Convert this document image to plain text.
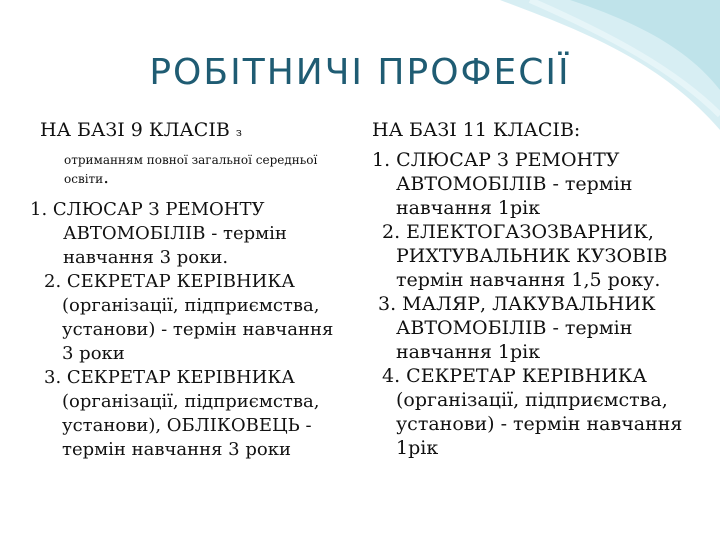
РОБІТНИЧІ ПРОФЕСІЇ

НА БАЗІ 9 КЛАСІВ з

отриманням повної загальної середньої освіти.

1. СЛЮСАР З РЕМОНТУ АВТОМОБІЛІВ - термін навчання 3 роки.
2. СЕКРЕТАР КЕРІВНИКА (організації, підприємства, установи) - термін навчання 3 роки
3. СЕКРЕТАР КЕРІВНИКА (організації, підприємства, установи), ОБЛІКОВЕЦЬ - термін навчання 3 роки

НА БАЗІ 11 КЛАСІВ:

1. СЛЮСАР З РЕМОНТУ АВТОМОБІЛІВ - термін навчання 1рік
2. ЕЛЕКТОГАЗОЗВАРНИК, РИХТУВАЛЬНИК КУЗОВІВ термін навчання 1,5 року.
3. МАЛЯР, ЛАКУВАЛЬНИК АВТОМОБІЛІВ - термін навчання 1рік
4. СЕКРЕТАР КЕРІВНИКА (організації, підприємства, установи) - термін навчання 1рік
